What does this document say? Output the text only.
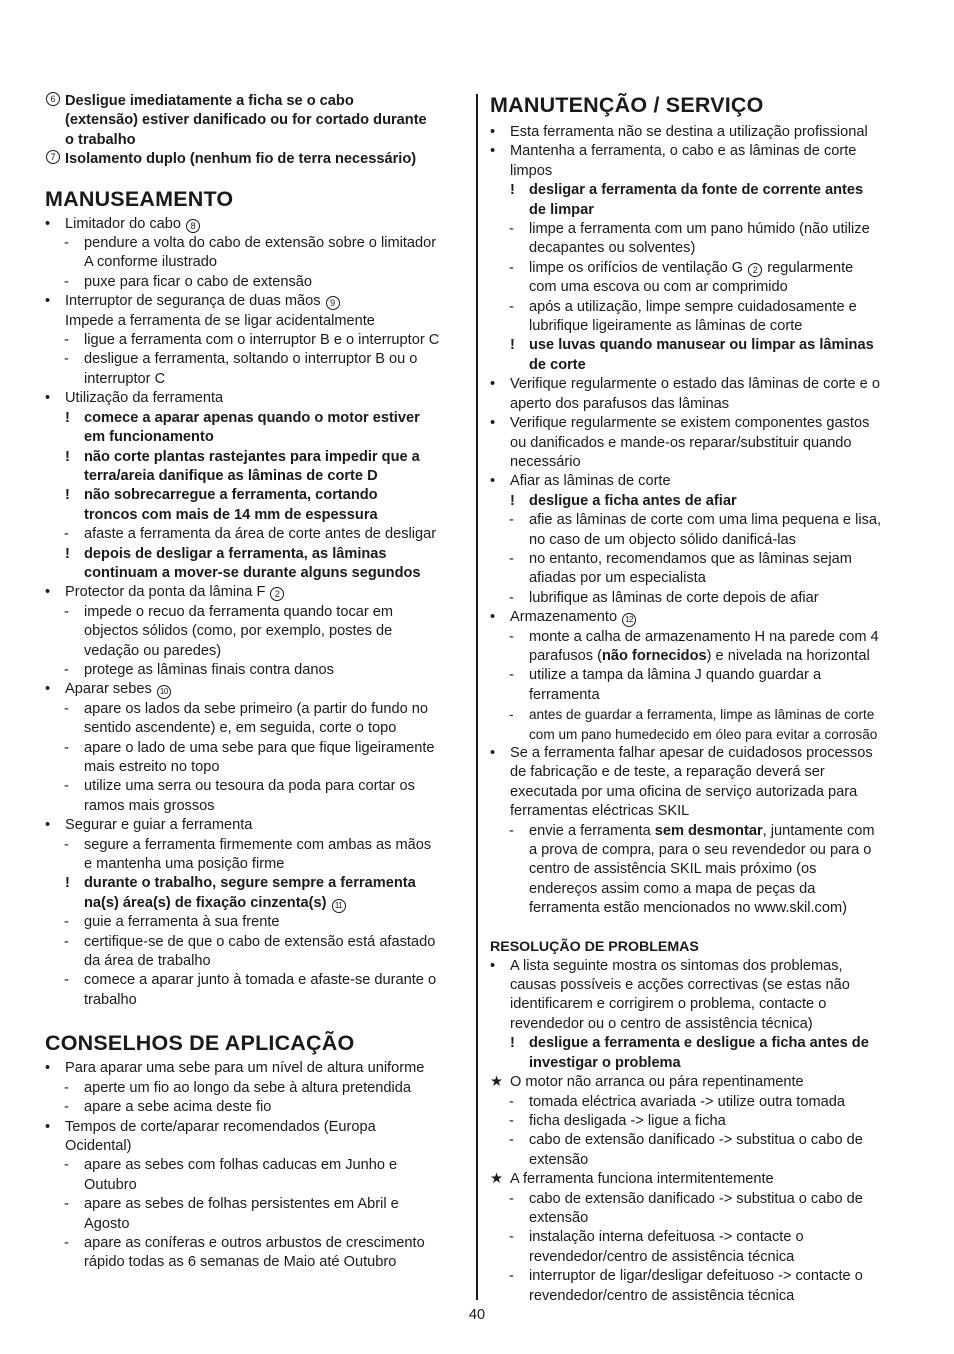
6 Desligue imediatamente a ficha se o cabo
(extensão) estiver danificado ou for cortado durante
o trabalho
7 Isolamento duplo (nenhum fio de terra necessário)
MANUSEAMENTO
• Limitador do cabo 8
- pendure a volta do cabo de extensão sobre o limitador
A conforme ilustrado
- puxe para ficar o cabo de extensão
• Interruptor de segurança de duas mãos 9
Impede a ferramenta de se ligar acidentalmente
- ligue a ferramenta com o interruptor B e o interruptor C
- desligue a ferramenta, soltando o interruptor B ou o
interruptor C
• Utilização da ferramenta
! comece a aparar apenas quando o motor estiver
em funcionamento
! não corte plantas rastejantes para impedir que a
terra/areia danifique as lâminas de corte D
! não sobrecarregue a ferramenta, cortando
troncos com mais de 14 mm de espessura
- afaste a ferramenta da área de corte antes de desligar
! depois de desligar a ferramenta, as lâminas
continuam a mover-se durante alguns segundos
• Protector da ponta da lâmina F 2
- impede o recuo da ferramenta quando tocar em
objectos sólidos (como, por exemplo, postes de
vedação ou paredes)
- protege as lâminas finais contra danos
• Aparar sebes 10
- apare os lados da sebe primeiro (a partir do fundo no
sentido ascendente) e, em seguida, corte o topo
- apare o lado de uma sebe para que fique ligeiramente
mais estreito no topo
- utilize uma serra ou tesoura da poda para cortar os
ramos mais grossos
• Segurar e guiar a ferramenta
- segure a ferramenta firmemente com ambas as mãos
e mantenha uma posição firme
! durante o trabalho, segure sempre a ferramenta
na(s) área(s) de fixação cinzenta(s) 11
- guie a ferramenta à sua frente
- certifique-se de que o cabo de extensão está afastado
da área de trabalho
- comece a aparar junto à tomada e afaste-se durante o
trabalho
CONSELHOS DE APLICAÇÃO
• Para aparar uma sebe para um nível de altura uniforme
- aperte um fio ao longo da sebe à altura pretendida
- apare a sebe acima deste fio
• Tempos de corte/aparar recomendados (Europa
Ocidental)
- apare as sebes com folhas caducas em Junho e
Outubro
- apare as sebes de folhas persistentes em Abril e
Agosto
- apare as coníferas e outros arbustos de crescimento
rápido todas as 6 semanas de Maio até Outubro
MANUTENÇÃO / SERVIÇO
• Esta ferramenta não se destina a utilização profissional
• Mantenha a ferramenta, o cabo e as lâminas de corte
limpos
! desligar a ferramenta da fonte de corrente antes
de limpar
- limpe a ferramenta com um pano húmido (não utilize
decapantes ou solventes)
- limpe os orifícios de ventilação G 2 regularmente
com uma escova ou com ar comprimido
- após a utilização, limpe sempre cuidadosamente e
lubrifique ligeiramente as lâminas de corte
! use luvas quando manusear ou limpar as lâminas
de corte
• Verifique regularmente o estado das lâminas de corte e o
aperto dos parafusos das lâminas
• Verifique regularmente se existem componentes gastos
ou danificados e mande-os reparar/substituir quando
necessário
• Afiar as lâminas de corte
! desligue a ficha antes de afiar
- afie as lâminas de corte com uma lima pequena e lisa,
no caso de um objecto sólido danificá-las
- no entanto, recomendamos que as lâminas sejam
afiadas por um especialista
- lubrifique as lâminas de corte depois de afiar
• Armazenamento 12
- monte a calha de armazenamento H na parede com 4
parafusos (não fornecidos) e nivelada na horizontal
- utilize a tampa da lâmina J quando guardar a
ferramenta
- antes de guardar a ferramenta, limpe as lâminas de corte
com um pano humedecido em óleo para evitar a corrosão
• Se a ferramenta falhar apesar de cuidadosos processos
de fabricação e de teste, a reparação deverá ser
executada por uma oficina de serviço autorizada para
ferramentas eléctricas SKIL
- envie a ferramenta sem desmontar, juntamente com
a prova de compra, para o seu revendedor ou para o
centro de assistência SKIL mais próximo (os
endereços assim como a mapa de peças da
ferramenta estão mencionados no www.skil.com)
RESOLUÇÃO DE PROBLEMAS
• A lista seguinte mostra os sintomas dos problemas,
causas possíveis e acções correctivas (se estas não
identificarem e corrigirem o problema, contacte o
revendedor ou o centro de assistência técnica)
! desligue a ferramenta e desligue a ficha antes de
investigar o problema
★ O motor não arranca ou pára repentinamente
- tomada eléctrica avariada -> utilize outra tomada
- ficha desligada -> ligue a ficha
- cabo de extensão danificado -> substitua o cabo de
extensão
★ A ferramenta funciona intermitentemente
- cabo de extensão danificado -> substitua o cabo de
extensão
- instalação interna defeituosa -> contacte o
revendedor/centro de assistência técnica
- interruptor de ligar/desligar defeituoso -> contacte o
revendedor/centro de assistência técnica
40
